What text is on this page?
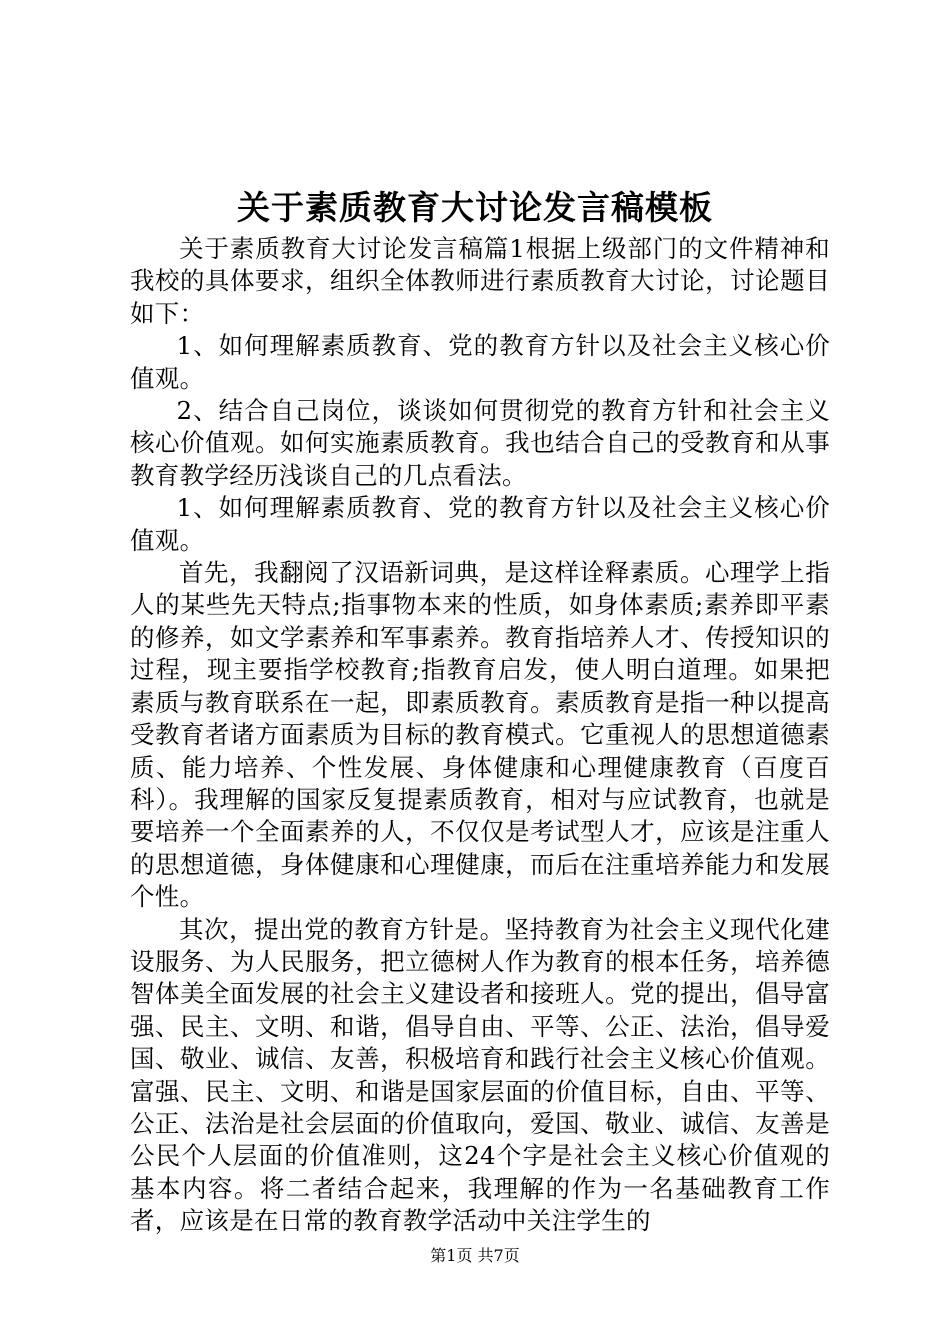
关于素质教育大讨论发言稿模板

关于素质教育大讨论发言稿篇1根据上级部门的文件精神和我校的具体要求，组织全体教师进行素质教育大讨论，讨论题目如下：

1、如何理解素质教育、党的教育方针以及社会主义核心价值观。

2、结合自己岗位，谈谈如何贯彻党的教育方针和社会主义核心价值观。如何实施素质教育。我也结合自己的受教育和从事教育教学经历浅谈自己的几点看法。

1、如何理解素质教育、党的教育方针以及社会主义核心价值观。

首先，我翻阅了汉语新词典，是这样诠释素质。心理学上指人的某些先天特点;指事物本来的性质，如身体素质;素养即平素的修养，如文学素养和军事素养。教育指培养人才、传授知识的过程，现主要指学校教育;指教育启发，使人明白道理。如果把素质与教育联系在一起，即素质教育。素质教育是指一种以提高受教育者诸方面素质为目标的教育模式。它重视人的思想道德素质、能力培养、个性发展、身体健康和心理健康教育（百度百科）。我理解的国家反复提素质教育，相对与应试教育，也就是要培养一个全面素养的人，不仅仅是考试型人才，应该是注重人的思想道德，身体健康和心理健康，而后在注重培养能力和发展个性。

其次，提出党的教育方针是。坚持教育为社会主义现代化建设服务、为人民服务，把立德树人作为教育的根本任务，培养德智体美全面发展的社会主义建设者和接班人。党的提出，倡导富强、民主、文明、和谐，倡导自由、平等、公正、法治，倡导爱国、敬业、诚信、友善，积极培育和践行社会主义核心价值观。富强、民主、文明、和谐是国家层面的价值目标，自由、平等、公正、法治是社会层面的价值取向，爱国、敬业、诚信、友善是公民个人层面的价值准则，这24个字是社会主义核心价值观的基本内容。将二者结合起来，我理解的作为一名基础教育工作者，应该是在日常的教育教学活动中关注学生的

第1页 共7页
